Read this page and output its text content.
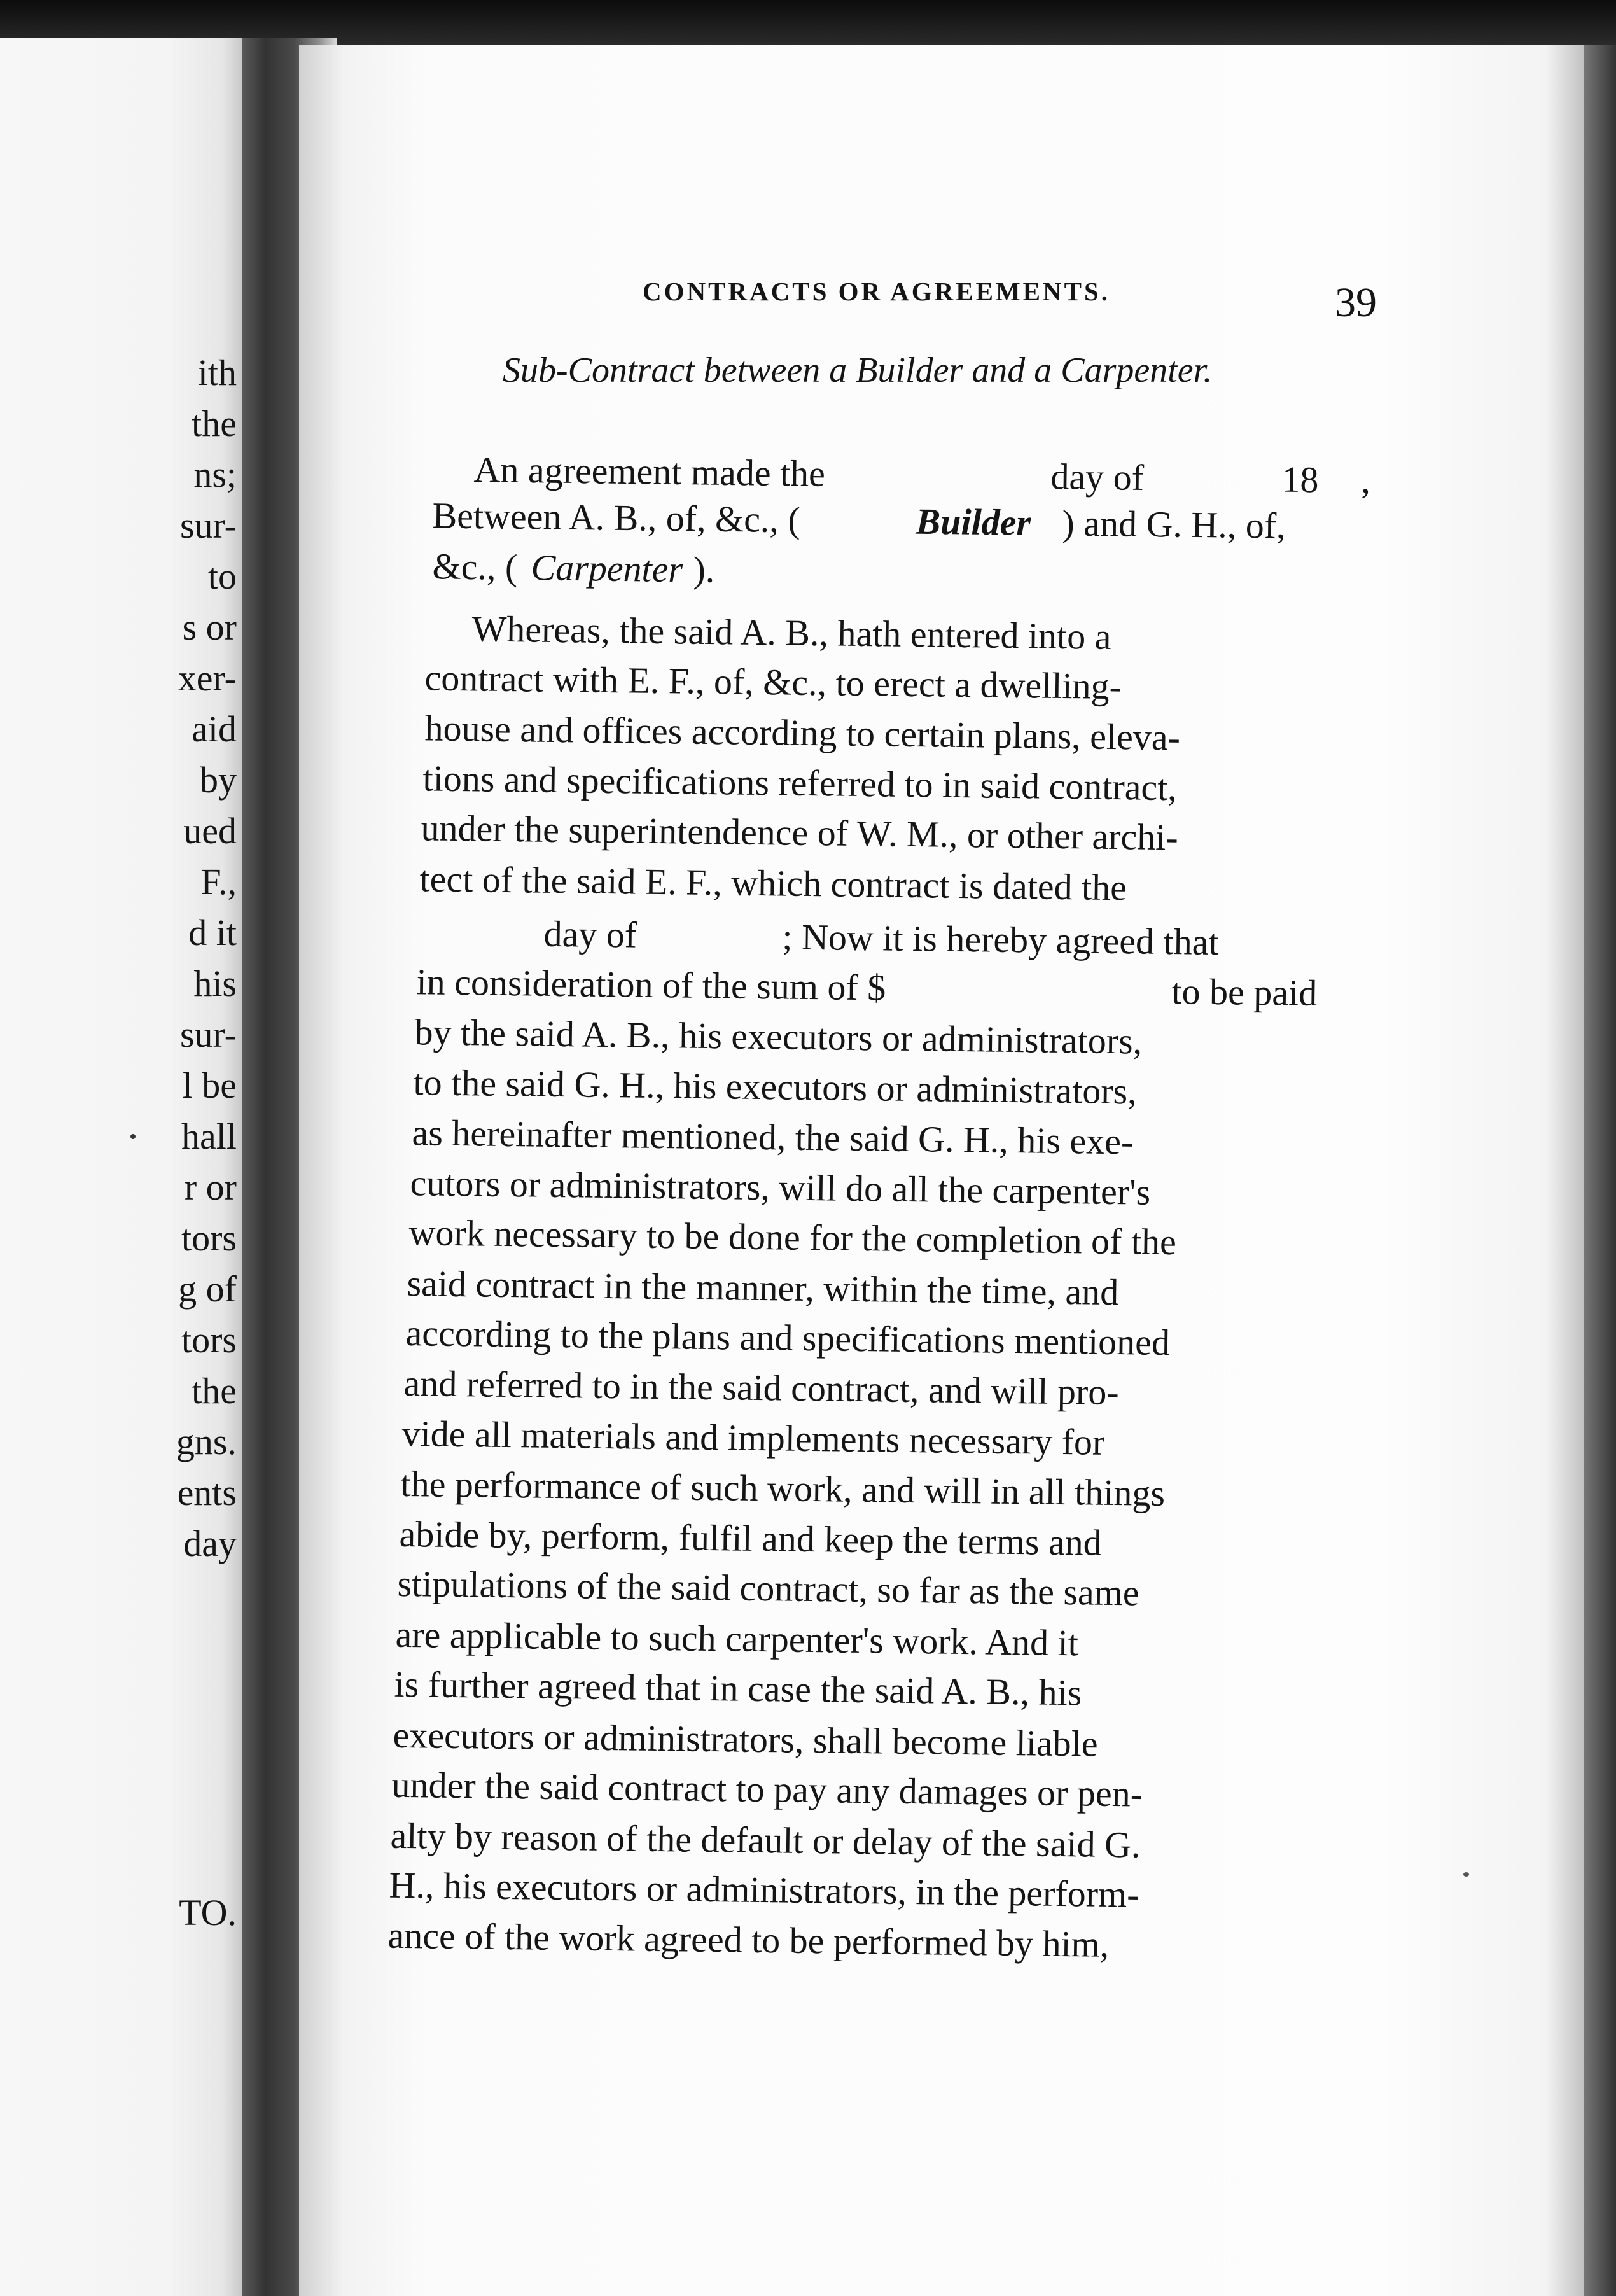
ith
the
ns;
sur-
to
s or
xer-
aid
by
ued
F.,
d it
his
sur-
l be
hall
r or
tors
g of
tors
the
gns.
ents
day
TO.
CONTRACTS OR AGREEMENTS.	39
Sub-Contract between a Builder and a Carpenter.
An agreement made the	day of	18 ,
Between A. B., of, &c., (	Builder ) and G. H., of,
&c., ( Carpenter ).
Whereas, the said A. B., hath entered into a
contract with E. F., of, &c., to erect a dwelling-
house and offices according to certain plans, eleva-
tions and specifications referred to in said contract,
under the superintendence of W. M., or other archi-
tect of the said E. F., which contract is dated the
day of	; Now it is hereby agreed that
in consideration of the sum of $	to be paid
by the said A. B., his executors or administrators,
to the said G. H., his executors or administrators,
as hereinafter mentioned, the said G. H., his exe-
cutors or administrators, will do all the carpenter's
work necessary to be done for the completion of the
said contract in the manner, within the time, and
according to the plans and specifications mentioned
and referred to in the said contract, and will pro-
vide all materials and implements necessary for
the performance of such work, and will in all things
abide by, perform, fulfil and keep the terms and
stipulations of the said contract, so far as the same
are applicable to such carpenter's work. And it
is further agreed that in case the said A. B., his
executors or administrators, shall become liable
under the said contract to pay any damages or pen-
alty by reason of the default or delay of the said G.
H., his executors or administrators, in the perform-
ance of the work agreed to be performed by him,
